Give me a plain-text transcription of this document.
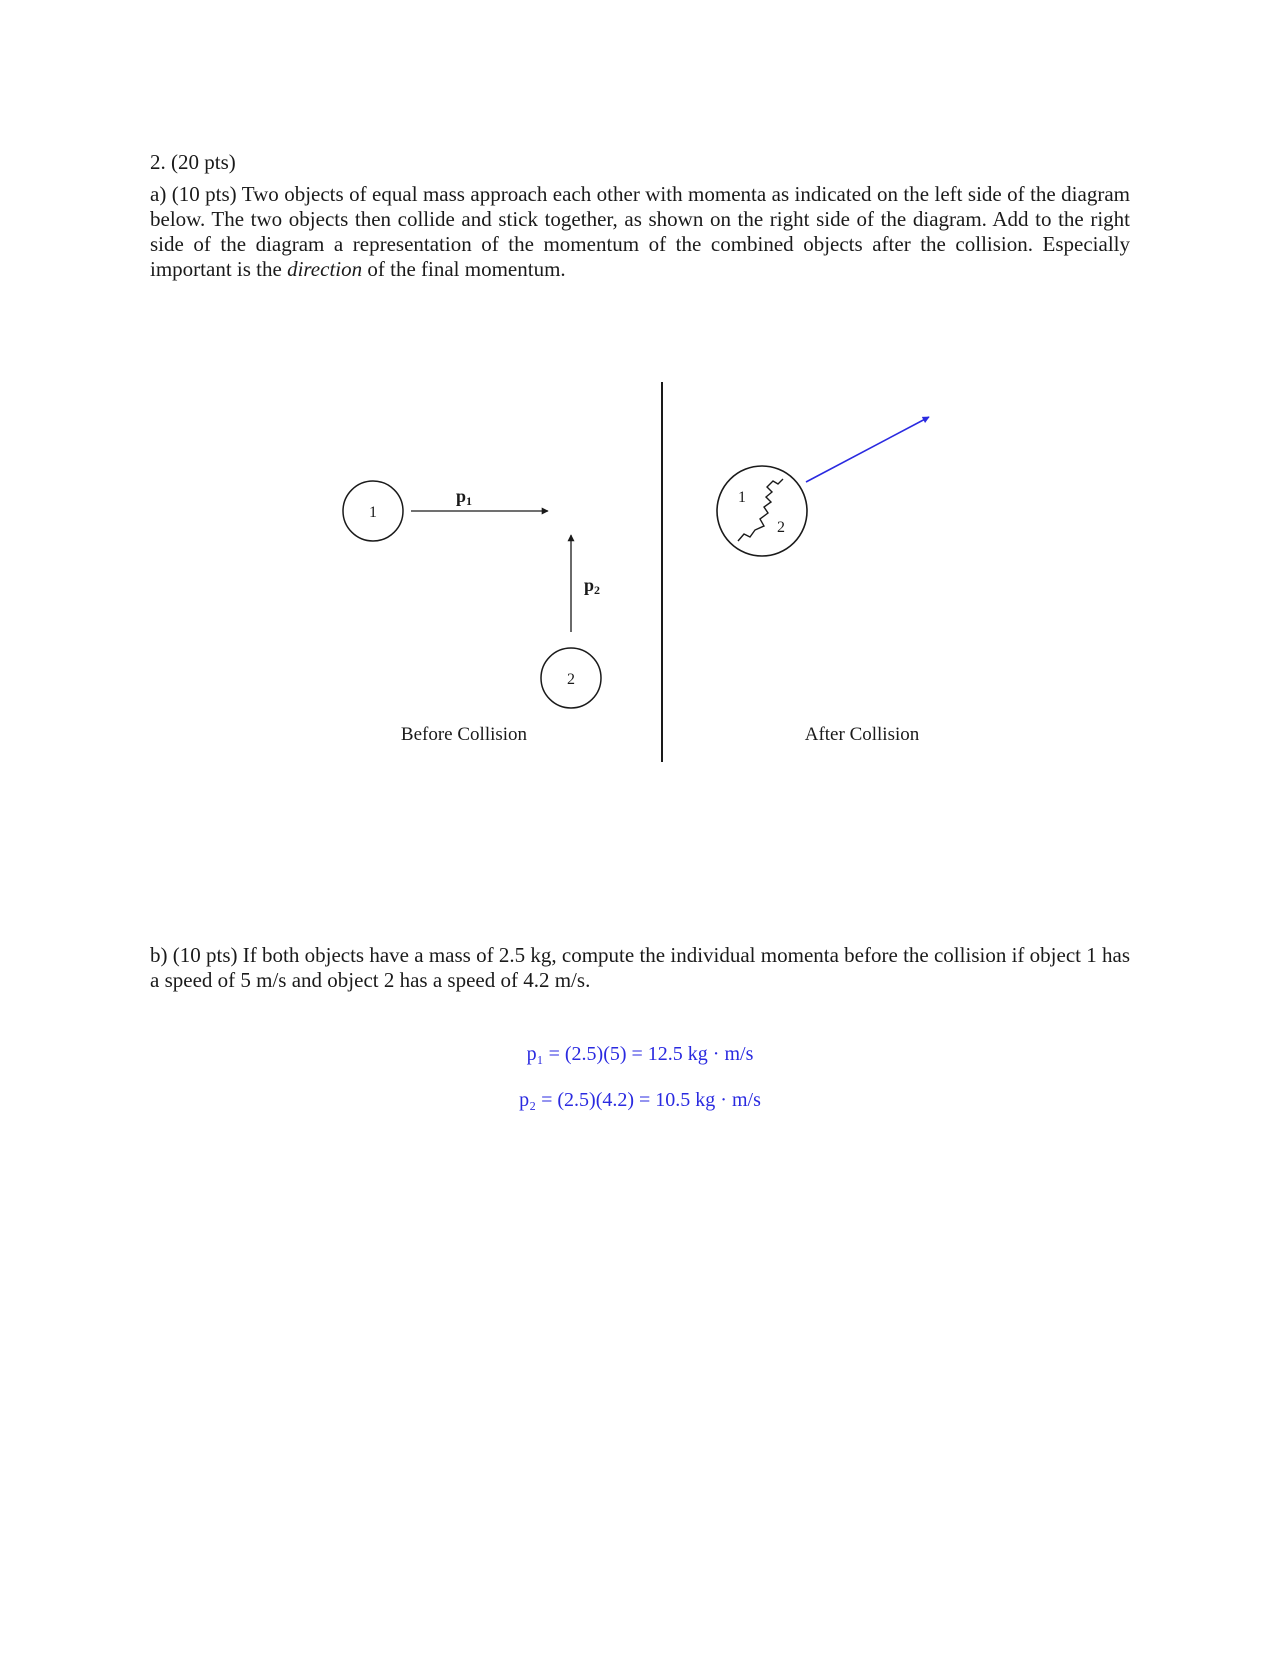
2. (20 pts)
a) (10 pts) Two objects of equal mass approach each other with momenta as indicated on the left side of the diagram below. The two objects then collide and stick together, as shown on the right side of the diagram. Add to the right side of the diagram a representation of the momentum of the combined objects after the collision. Especially important is the direction of the final momentum.
1
p1
p2
2
1
2
Before Collision	After Collision
b) (10 pts) If both objects have a mass of 2.5 kg, compute the individual momenta before the collision if object 1 has a speed of 5 m/s and object 2 has a speed of 4.2 m/s.
p₁ = (2.5)(5) = 12.5 kg · m/s
p₂ = (2.5)(4.2) = 10.5 kg · m/s
